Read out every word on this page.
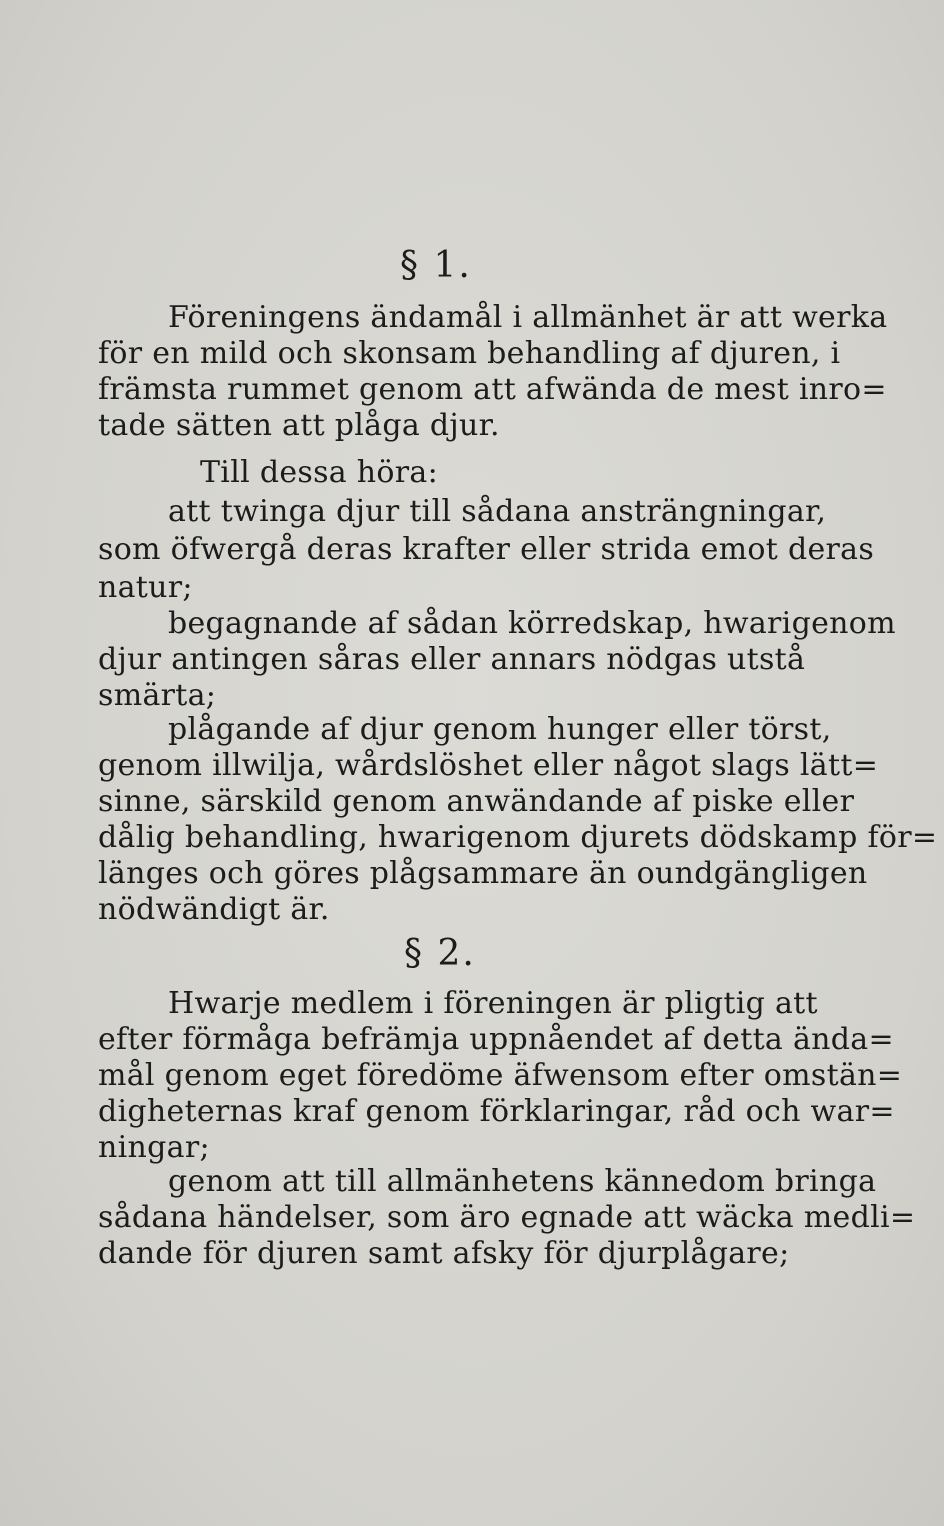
§ 1.
Föreningens ändamål i allmänhet är att werka
för en mild och skonsam behandling af djuren, i
främsta rummet genom att afwända de mest inro=
tade sätten att plåga djur.
Till dessa höra:
att twinga djur till sådana ansträngningar,
som öfwergå deras krafter eller strida emot deras
natur;
begagnande af sådan körredskap, hwarigenom
djur antingen såras eller annars nödgas utstå
smärta;
plågande af djur genom hunger eller törst,
genom illwilja, wårdslöshet eller något slags lätt=
sinne, särskild genom anwändande af piske eller
dålig behandling, hwarigenom djurets dödskamp för=
länges och göres plågsammare än oundgängligen
nödwändigt är.
§ 2.
Hwarje medlem i föreningen är pligtig att
efter förmåga befrämja uppnåendet af detta ända=
mål genom eget föredöme äfwensom efter omstän=
digheternas kraf genom förklaringar, råd och war=
ningar;
genom att till allmänhetens kännedom bringa
sådana händelser, som äro egnade att wäcka medli=
dande för djuren samt afsky för djurplågare;
